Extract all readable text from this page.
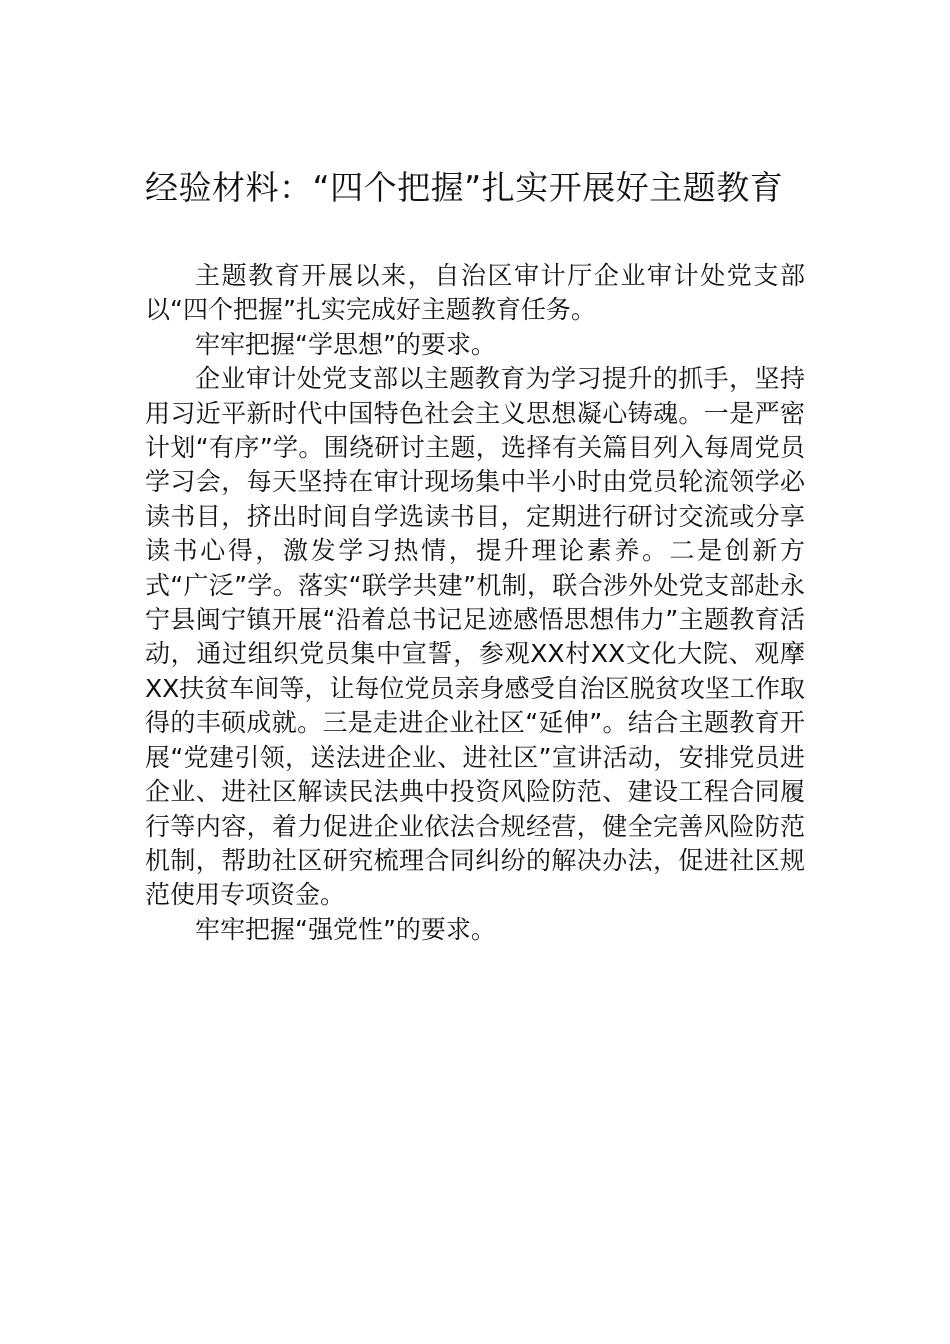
经验材料：“四个把握”扎实开展好主题教育

主题教育开展以来，自治区审计厅企业审计处党支部以“四个把握”扎实完成好主题教育任务。

牢牢把握“学思想”的要求。

企业审计处党支部以主题教育为学习提升的抓手，坚持用习近平新时代中国特色社会主义思想凝心铸魂。一是严密计划“有序”学。围绕研讨主题，选择有关篇目列入每周党员学习会，每天坚持在审计现场集中半小时由党员轮流领学必读书目，挤出时间自学选读书目，定期进行研讨交流或分享读书心得，激发学习热情，提升理论素养。二是创新方式“广泛”学。落实“联学共建”机制，联合涉外处党支部赴永宁县闽宁镇开展“沿着总书记足迹感悟思想伟力”主题教育活动，通过组织党员集中宣誓，参观XX村XX文化大院、观摩XX扶贫车间等，让每位党员亲身感受自治区脱贫攻坚工作取得的丰硕成就。三是走进企业社区“延伸”。结合主题教育开展“党建引领，送法进企业、进社区”宣讲活动，安排党员进企业、进社区解读民法典中投资风险防范、建设工程合同履行等内容，着力促进企业依法合规经营，健全完善风险防范机制，帮助社区研究梳理合同纠纷的解决办法，促进社区规范使用专项资金。

牢牢把握“强党性”的要求。
